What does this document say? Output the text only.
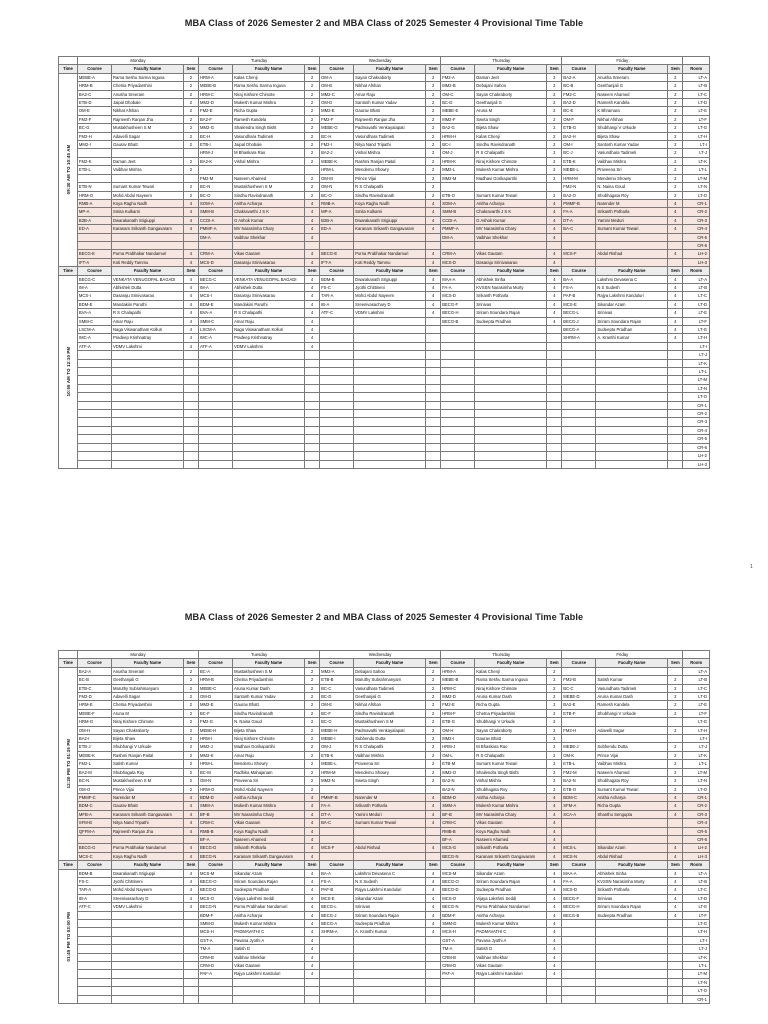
MBA Class of 2026 Semester 2 and MBA Class of 2025 Semester 4 Provisional Time Table
	Monday			Tuesday			Wednesday			Thursday			Friday			
Time	Course	Faculty Name	Sem	Course	Faculty Name	Sem	Course	Faculty Name	Sem	Course	Faculty Name	Sem	Course	Faculty Name	Sem	Room
09:30 AM TO 10:45 AM	MEBE-A	Rama Seshu Sarma Inguva	2	HRM-A	Kalas Chenji	2	OM-A	Sayan Chakraborty	2	FM2-A	Daman Jeet	2	BA2-A	Anusha Sreeram	2	LT-A
	HRM-B	Chetna Priyadarshini	2	MEBE-B	Rama Seshu Sarma Inguva	2	OM-B	Nikhat Afshan	2	MM2-B	Debajani Sahoo	2	BC-B	Geethanjali G	2	LT-B
	BA2-C	Anusha Sreeram	2	HRM-C	Niraj Kishore Chimote	2	MM2-C	Amar Raju	2	OM-C	Sayan Chakraborty	2	FM2-C	Naseem Ahamed	2	LT-C
	ETB-D	Jaipal Dhobale	2	MM2-D	Mukesh Kumar Mishra	2	OM-D	Santosh Kumar Yadav	2	BC-D	Geethanjali G	2	BA2-D	Ramesh Kandela	2	LT-D
	OM-E	Nikhat Afshan	2	FM2-E	Richa Gupta	2	MM2-E	Gaurav Bhatt	2	MEBE-E	Aruna M	2	BC-E	K Bhramara	2	LT-E
	FM2-F	Rajneesh Ranjan Jha	2	BA2-F	Ramesh Kandela	2	FM2-F	Rajneesh Ranjan Jha	2	MM2-F	Sweta Singh	2	OM-F	Nikhat Afshan	2	LT-F
	BC-G	Mustakhusheen S M	2	MM2-G	Shailendra Singh Bisht	2	MEBE-G	Padmavathi Venkayalapati	2	BA2-G	Bijeta Shaw	2	ETB-G	Shubhangi V Urkude	2	LT-G
	FM2-H	Adavelli Sagar	2	BC-H	Vasundhara Tadimeti	2	BC-H	Vasundhara Tadimeti	2	HRM-H	Kalas Chenji	2	BA2-H	Bijeta Shaw	2	LT-H
	MM2-I	Gaurav Bhatt	2	ETB-I	Jaipal Dhobale	2	FM2-I	Nitya Nand Tripathi	2	BC-I	Sindhu Ravindranath	2	OM-I	Santosh Kumar Yadav	2	LT-I
				HRM-J	M Bhaskara Rao	2	BA2-J	Vishal Mishra	2	OM-J	R S Chalapathi	2	BC-J	Vasundhara Tadimeti	2	LT-J
	FM2-K	Daman Jeet	2	BA2-K	Vishal Mishra	2	MEBE-K	Rashmi Ranjan Paital	2	HRM-K	Niraj Kishore Chimote	2	ETB-K	Vaibhav Mishra	2	LT-K
	ETB-L	Vaibhav Mishra	2				HRM-L	Mendemu Showry	2	MM2-L	Mukesh Kumar Mishra	2	MEBE-L	Praveena Sri	2	LT-L
				FM2-M	Naseem Ahamed	2	OM-M	Prince Vijai	2	MM2-M	Madhavi Gorikapartihi	2	HRM-M	Mendemu Showry	2	LT-M
	ETB-N	Sumant Kumar Tewari	2	BC-N	Mustakhusheen S M	2	OM-N	R S Chalapathi	2				FM2-N	N. Naina Goud	2	LT-N
	HRM-O	Mohd Abdul Nayeem	2	BC-O	Sindhu Ravindranath	2	BC-O	Sindhu Ravindranath	2	ETB-O	Sumant Kumar Tewari	2	BA2-O	Shubhagata Roy	2	LT-O
	RMB-A	Koya Raghu Nadh	4	SOM-A	Anitha Acharya	4	RMB-A	Koya Raghu Nadh	4	SOM-A	Anitha Acharya	4	PMMF-B	Narender M	4	CR-1
	MP-A	Smita Kulkarni	4	SMM-B	Chakravarthi J S K	4	MP-A	Smita Kulkarni	4	SMM-B	Chakravarthi J S K	4	FA-A	Srikanth Potharla	4	CR-2
	B2B-A	Dwarakanath Srigiuppi	4	CCDI-A	G Ashok Kumar	4	B2B-A	Dwarakanath Srigiuppi	4	CCDI-A	G Ashok Kumar	4	DT-A	Yamini Meduri	4	CR-3
	ED-A	Karanam Srikanth Gangavaram	4	PMMF-A	MV Narasimha Chary	4	ED-A	Karanam Srikanth Gangavaram	4	PMMF-A	MV Narasimha Chary	4	BA-C	Sumant Kumar Tewari	4	CR-4
				DM-A	Vaibhav Shekhar	4				DM-A	Vaibhav Shekhar	4				CR-5
																CR-6
	BECG-E	Purna Prabhakar Nandamuri	4	CRM-A	Vikas Gautam	4	BECG-E	Purna Prabhakar Nandamuri	4	CRM-A	Vikas Gautam	4	MCS-F	Abdul Rishad	4	LH-2
	IFT-A	Koti Reddy Tammu	4	MCS-D	Dasaraju Srinivasarao	4	IFT-A	Koti Reddy Tammu	4	MCS-D	Dasaraju Srinivasarao	4				LH-3
Time	Course	Faculty Name	Sem	Course	Faculty Name	Sem	Course	Faculty Name	Sem	Course	Faculty Name	Sem	Course	Faculty Name	Sem	Room
10:55 AM TO 12:10 PM	BECG-C	VENKATA VENUGOPAL BAGADI	4	BECG-C	VENKATA VENUGOPAL BAGADI	4	BDM-B	Dwarakanath Srigiuppi	4	MAA-A	Abhishek Sinha	4	BA-A	Lakshmi Devasena C	4	LT-A
	IM-A	Abhishek Dutta	4	IM-A	Abhishek Dutta	4	FS-C	Jyothi Chittineni	4	FA-A	KVSSN Narasimha Murty	4	FS-A	N S Sudesh	4	LT-B
	MCS-I	Dasaraju Srinivasarao	4	MCS-I	Dasaraju Srinivasarao	4	TAR-A	Mohd Abdul Nayeem	4	MCS-D	Srikanth Potharla	4	PAF-B	Rajya Lakshmi Kanduluri	4	LT-C
	BDM-E	Mandakini Paruthi	4	BDM-E	Mandakini Paruthi	4	IB-A	Sreenivasachary D	4	BECG-F	Srinivas	4	MCS-E	Sikandar Azam	4	LT-D
	BVA-A	R S Chalapathi	4	BVA-A	R S Chalapathi	4	ATF-C	VDMV Lakshmi	4	BECG-H	Sriram Soundara Rajan	4	BECG-L	Srinivas	4	LT-E
	SMM-C	Amar Raju	4	SMM-C	Amar Raju	4				BECG-B	Sudeepta Pradhan	4	BECG-J	Sriram Soundara Rajan	4	LT-F
	LSCM-A	Naga Viswanatham Kolluri	4	LSCM-A	Naga Viswanatham Kolluri	4							BECG-A	Sudeepta Pradhan	4	LT-G
	IMC-A	Pradeep Krishnatray	4	IMC-A	Pradeep Krishnatray	4							SHRM-A	A. Kranthi Kumar	4	LT-H
	ATF-A	VDMV Lakshmi	4	ATF-A	VDMV Lakshmi	4										LT-I
																LT-J
																LT-K
																LT-L
																LT-M
																LT-N
																LT-O
																CR-1
																CR-2
																CR-3
																CR-4
																CR-5
																CR-6
																LH-2
																LH-3
1
MBA Class of 2026 Semester 2 and MBA Class of 2025 Semester 4 Provisional Time Table
	Monday			Tuesday			Wednesday			Thursday			Friday			
Time	Course	Faculty Name	Sem	Course	Faculty Name	Sem	Course	Faculty Name	Sem	Course	Faculty Name	Sem	Course	Faculty Name	Sem	Room
12:20 PM TO 01:35 PM	BA2-A	Anusha Sreeram	2	BC-A	Mustakhusheen S M	2	MM2-A	Debajani Sahoo	2	HRM-A	Kalas Chenji	2				LT-A
	BC-B	Geethanjali G	2	HRM-B	Chetna Priyadarshini	2	ETB-B	Maruthy Subrahmanyam	2	MEBE-B	Rama Seshu Sarma Inguva	2	FM2-B	Satish Kumar	2	LT-B
	ETB-C	Maruthy Subrahmanyam	2	MEBE-C	Aruna Kumar Dash	2	BC-C	Vasundhara Tadimeti	2	HRM-C	Niraj Kishore Chimote	2	BC-C	Vasundhara Tadimeti	2	LT-C
	FM2-D	Adavelli Sagar	2	OM-D	Santosh Kumar Yadav	2	BC-D	Geethanjali G	2	MM2-D	Aruna Kumar Dash	2	MEBE-D	Aruna Kumar Dash	2	LT-D
	HRM-E	Chetna Priyadarshini	2	MM2-E	Gaurav Bhatt	2	OM-E	Nikhat Afshan	2	FM2-E	Richa Gupta	2	BA2-E	Ramesh Kandela	2	LT-E
	MEBE-F	Aruna M	2	BC-F	Sindhu Ravindranath	2	BC-F	Sindhu Ravindranath	2	HRM-F	Chetna Priyadarshini	2	ETB-F	Shubhangi V Urkude	2	LT-F
	HRM-G	Niraj Kishore Chimote	2	FM2-G	N. Naina Goud	2	BC-G	Mustakhusheen S M	2	ETB-G	Shubhangi V Urkude	2				LT-G
	OM-H	Sayan Chakraborty	2	MEBE-H	Bijeta Shaw	2	MEBE-H	Padmavathi Venkayalapati	2	OM-H	Sayan Chakraborty	2	FM2-H	Adavelli Sagar	2	LT-H
	BA2-I	Bijeta Shaw	2	HRM-I	Niraj Kishore Chimote	2	MEBE-I	Subhendu Dutta	2	MM2-I	Gaurav Bhatt	2				LT-I
	ETB-J	Shubhangi V Urkude	2	MM2-J	Madhavi Gorikapartihi	2	OM-J	R S Chalapathi	2	HRM-J	M Bhaskara Rao	2	MEBE-J	Subhendu Dutta	2	LT-J
	MEBE-K	Rashmi Ranjan Paital	2	MM2-K	Amar Raju	2	ETB-K	Vaibhav Mishra	2	OM-L	R S Chalapathi	2	OM-K	Prince Vijai	2	LT-K
	FM2-L	Satish Kumar	2	HRM-L	Mendemu Showry	2	MEBE-L	Praveena Sri	2	ETB-M	Sumant Kumar Tewari	2	ETB-L	Vaibhav Mishra	2	LT-L
	BA2-M	Shubhagata Roy	2	BC-M	Radhika Mahajanam	2	HRM-M	Mendemu Showry	2	MM2-O	Shailendra Singh Bisht	2	FM2-M	Naseem Ahamed	2	LT-M
	BC-N	Mustakhusheen S M	2	OM-N	Praveena Sri	2	MM2-N	Sweta Singh	2	BA2-N	Vishal Mishra	2	BA2-N	Shubhagata Roy	2	LT-N
	OM-O	Prince Vijai	2	HRM-O	Mohd Abdul Nayeem	2				BA2-N	Shubhagata Roy	2	ETB-O	Sumant Kumar Tewari	2	LT-O
	PMMF-C	Narender M	4	BDM-D	Anitha Acharya	4	PMMF-B	Narender M	4	BDM-D	Anitha Acharya	4	BDM-C	Anitha Acharya	4	CR-1
	BDM-C	Gaurav Bhatt	4	SMM-A	Mukesh Kumar Mishra	4	FA-A	Srikanth Potharla	4	SMM-A	Mukesh Kumar Mishra	4	SFM-A	Richa Gupta	4	CR-2
	MFB-A	Karanam Srikanth Gangavaram	4	BF-B	MV Narasimha Chary	4	DT-A	Yamini Meduri	4	BF-B	MV Narasimha Chary	4	SCA-A	Shanthu Sengupta	4	CR-3
	SFM-B	Nitya Nand Tripathi	4	CRM-C	Vikas Gautam	4	BA-C	Sumant Kumar Tewari	4	CRM-C	Vikas Gautam	4				CR-4
	QFFM-A	Rajneesh Ranjan Jha	4	RMB-B	Koya Raghu Nadh	4				RMB-B	Koya Raghu Nadh	4				CR-5
				BF-A	Naseem Ahamed	4				BF-A	Naseem Ahamed	4				CR-6
	BECG-G	Purna Prabhakar Nandamuri	4	BECG-D	Srikanth Potharla	4	MCS-F	Abdul Rishad	4	MCS-G	Srikanth Potharla	4	MCS-L	Sikandar Azam	4	LH-2
	MCS-C	Koya Raghu Nadh	4	BECG-N	Karanam Srikanth Gangavaram	4				BECG-N	Karanam Srikanth Gangavaram	4	MCS-N	Abdul Rishad	4	LH-3
Time	Course	Faculty Name	Sem	Course	Faculty Name	Sem	Course	Faculty Name	Sem	Course	Faculty Name	Sem	Course	Faculty Name	Sem	Room
01:45 PM TO 03:00 PM	BDM-B	Dwarakanath Srigiuppi	4	MCS-M	Sikandar Azam	4	BA-A	Lakshmi Devasena C	4	MCS-M	Sikandar Azam	4	MAA-A	Abhishek Sinha	4	LT-A
	FS-C	Jyothi Chittineni	4	BECG-O	Sriram Soundara Rajan	4	FS-A	N S Sudesh	4	BECG-O	Sriram Soundara Rajan	4	FA-A	KVSSN Narasimha Murty	4	LT-B
	TAR-A	Mohd Abdul Nayeem	4	BECG-D	Sudeepta Pradhan	4	PAF-B	Rajya Lakshmi Kanduluri	4	BECG-D	Sudeepta Pradhan	4	MCS-D	Srikanth Potharla	4	LT-C
	IB-A	Sreenivasachary D	4	MCS-O	Vijaya Lakshmi Seddi	4	MCS-E	Sikandar Azam	4	MCS-O	Vijaya Lakshmi Seddi	4	BECG-F	Srinivas	4	LT-D
	ATF-C	VDMV Lakshmi	4	BECG-N	Purna Prabhakar Nandamuri	4	BECG-L	Srinivas	4	BECG-N	Purna Prabhakar Nandamuri	4	BECG-H	Sriram Soundara Rajan	4	LT-E
				BDM-F	Anitha Acharya	4	BECG-J	Sriram Soundara Rajan	4	BDM-F	Anitha Acharya	4	BECG-B	Sudeepta Pradhan	4	LT-F
				SMM-D	Mukesh Kumar Mishra	4	BECG-A	Sudeepta Pradhan	4	SMM-D	Mukesh Kumar Mishra	4				LT-G
				MCS-H	PADMAVATHI C	4	SHRM-A	A. Kranthi Kumar	4	MCS-H	PADMAVATHI C	4				LT-H
				GST-A	Pavana Jyothi A	4				GST-A	Pavana Jyothi A	4				LT-I
				TM-A	Satish D	4				TM-A	Satish D	4				LT-J
				CRM-B	Vaibhav Shekhar	4				CRM-B	Vaibhav Shekhar	4				LT-K
				CRM-D	Vikas Gautam	4				CRM-D	Vikas Gautam	4				LT-L
				PAF-A	Rajya Lakshmi Kanduluri	4				PAF-A	Rajya Lakshmi Kanduluri	4				LT-M
																LT-N
																LT-O
																CR-1
